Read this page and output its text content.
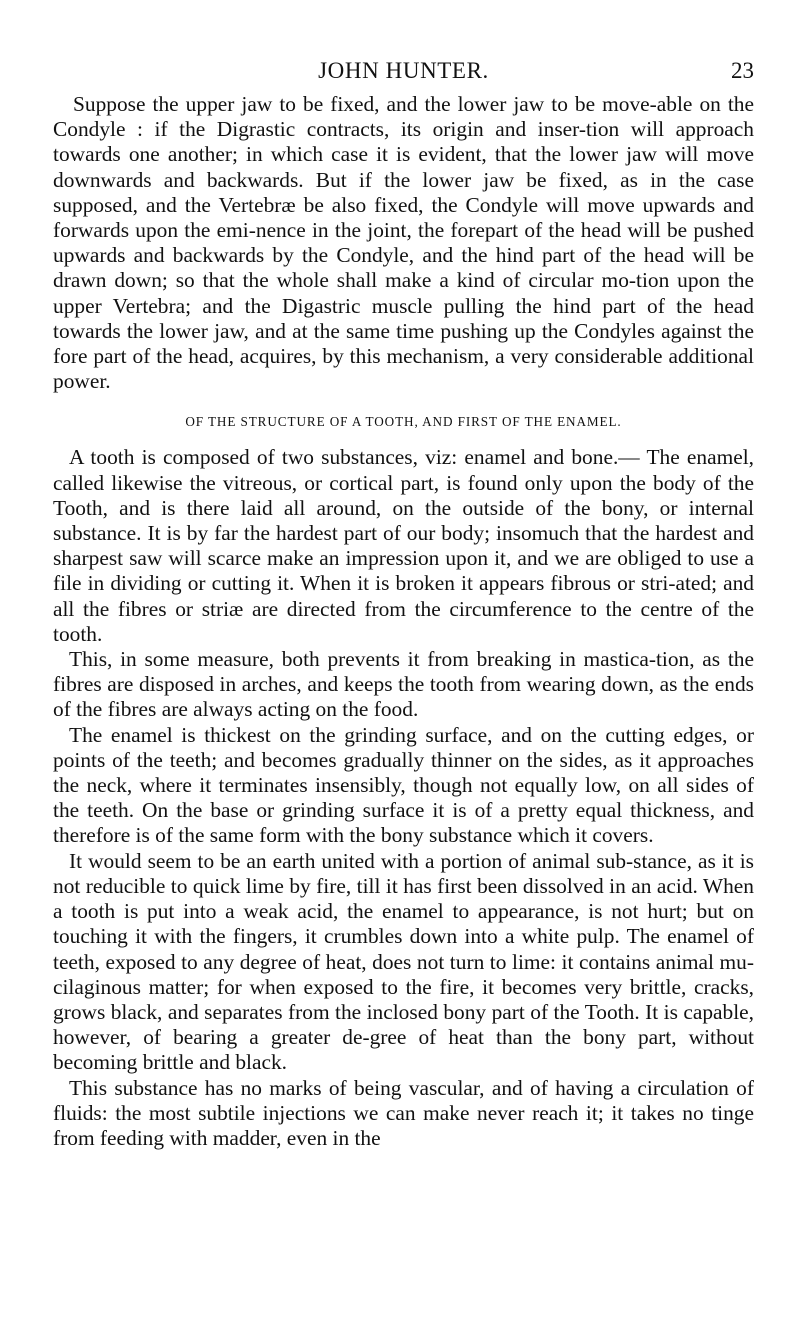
JOHN HUNTER.	23

Suppose the upper jaw to be fixed, and the lower jaw to be move-able on the Condyle : if the Digrastic contracts, its origin and inser-tion will approach towards one another; in which case it is evident, that the lower jaw will move downwards and backwards. But if the lower jaw be fixed, as in the case supposed, and the Vertebræ be also fixed, the Condyle will move upwards and forwards upon the emi-nence in the joint, the forepart of the head will be pushed upwards and backwards by the Condyle, and the hind part of the head will be drawn down; so that the whole shall make a kind of circular mo-tion upon the upper Vertebra; and the Digastric muscle pulling the hind part of the head towards the lower jaw, and at the same time pushing up the Condyles against the fore part of the head, acquires, by this mechanism, a very considerable additional power.

OF THE STRUCTURE OF A TOOTH, AND FIRST OF THE ENAMEL.

A tooth is composed of two substances, viz: enamel and bone.— The enamel, called likewise the vitreous, or cortical part, is found only upon the body of the Tooth, and is there laid all around, on the outside of the bony, or internal substance. It is by far the hardest part of our body; insomuch that the hardest and sharpest saw will scarce make an impression upon it, and we are obliged to use a file in dividing or cutting it. When it is broken it appears fibrous or stri-ated; and all the fibres or striæ are directed from the circumference to the centre of the tooth.

This, in some measure, both prevents it from breaking in mastica-tion, as the fibres are disposed in arches, and keeps the tooth from wearing down, as the ends of the fibres are always acting on the food.

The enamel is thickest on the grinding surface, and on the cutting edges, or points of the teeth; and becomes gradually thinner on the sides, as it approaches the neck, where it terminates insensibly, though not equally low, on all sides of the teeth. On the base or grinding surface it is of a pretty equal thickness, and therefore is of the same form with the bony substance which it covers.

It would seem to be an earth united with a portion of animal sub-stance, as it is not reducible to quick lime by fire, till it has first been dissolved in an acid. When a tooth is put into a weak acid, the enamel to appearance, is not hurt; but on touching it with the fingers, it crumbles down into a white pulp. The enamel of teeth, exposed to any degree of heat, does not turn to lime: it contains animal mu-cilaginous matter; for when exposed to the fire, it becomes very brittle, cracks, grows black, and separates from the inclosed bony part of the Tooth. It is capable, however, of bearing a greater de-gree of heat than the bony part, without becoming brittle and black.

This substance has no marks of being vascular, and of having a circulation of fluids: the most subtile injections we can make never reach it; it takes no tinge from feeding with madder, even in the
